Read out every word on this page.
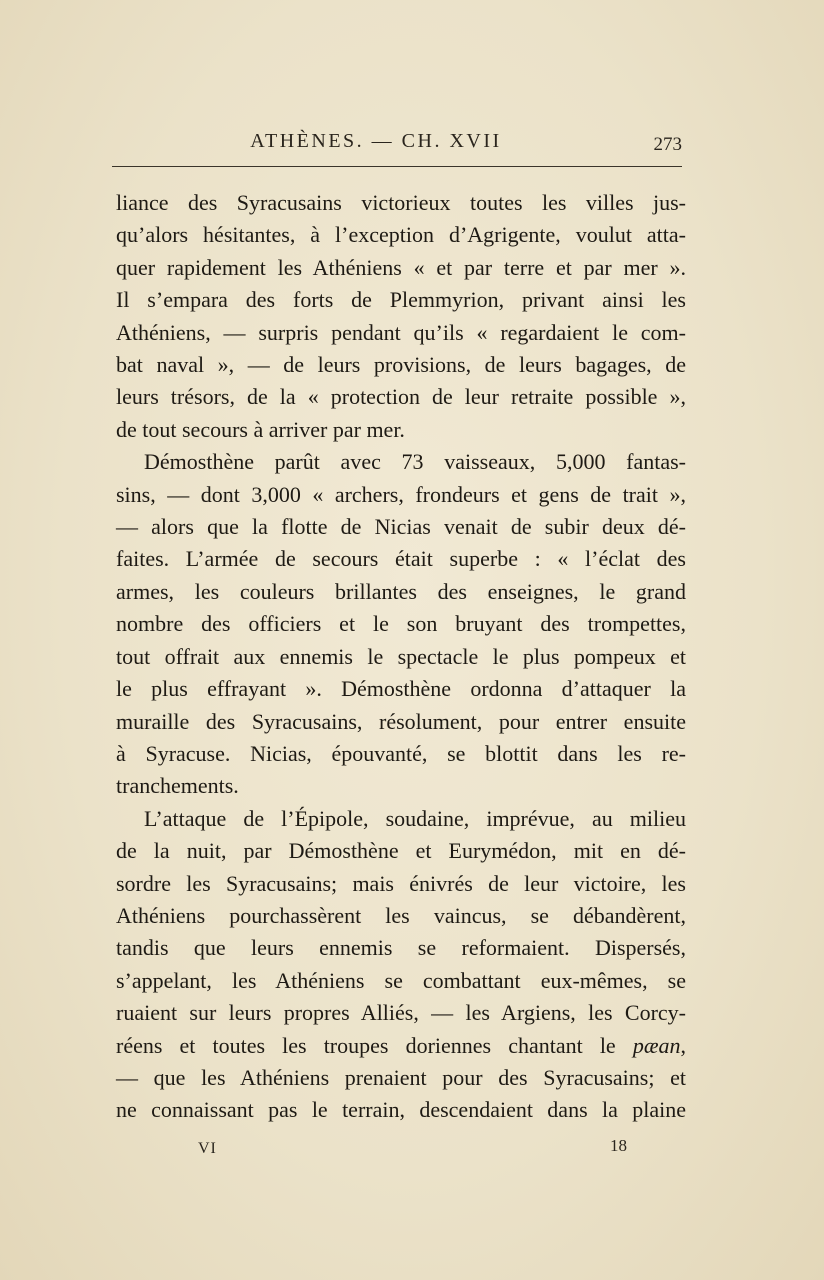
ATHÈNES. — CH. XVII	273

liance des Syracusains victorieux toutes les villes jus-
qu’alors hésitantes, à l’exception d’Agrigente, voulut atta-
quer rapidement les Athéniens « et par terre et par mer ».
Il s’empara des forts de Plemmyrion, privant ainsi les
Athéniens, — surpris pendant qu’ils « regardaient le com-
bat naval », — de leurs provisions, de leurs bagages, de
leurs trésors, de la « protection de leur retraite possible »,
de tout secours à arriver par mer.

Démosthène parût avec 73 vaisseaux, 5,000 fantas-
sins, — dont 3,000 « archers, frondeurs et gens de trait »,
— alors que la flotte de Nicias venait de subir deux dé-
faites. L’armée de secours était superbe : « l’éclat des
armes, les couleurs brillantes des enseignes, le grand
nombre des officiers et le son bruyant des trompettes,
tout offrait aux ennemis le spectacle le plus pompeux et
le plus effrayant ». Démosthène ordonna d’attaquer la
muraille des Syracusains, résolument, pour entrer ensuite
à Syracuse. Nicias, épouvanté, se blottit dans les re-
tranchements.

L’attaque de l’Épipole, soudaine, imprévue, au milieu
de la nuit, par Démosthène et Eurymédon, mit en dé-
sordre les Syracusains; mais énivrés de leur victoire, les
Athéniens pourchassèrent les vaincus, se débandèrent,
tandis que leurs ennemis se reformaient. Dispersés,
s’appelant, les Athéniens se combattant eux-mêmes, se
ruaient sur leurs propres Alliés, — les Argiens, les Corcy-
réens et toutes les troupes doriennes chantant le pæan,
— que les Athéniens prenaient pour des Syracusains; et
ne connaissant pas le terrain, descendaient dans la plaine

VI	18
